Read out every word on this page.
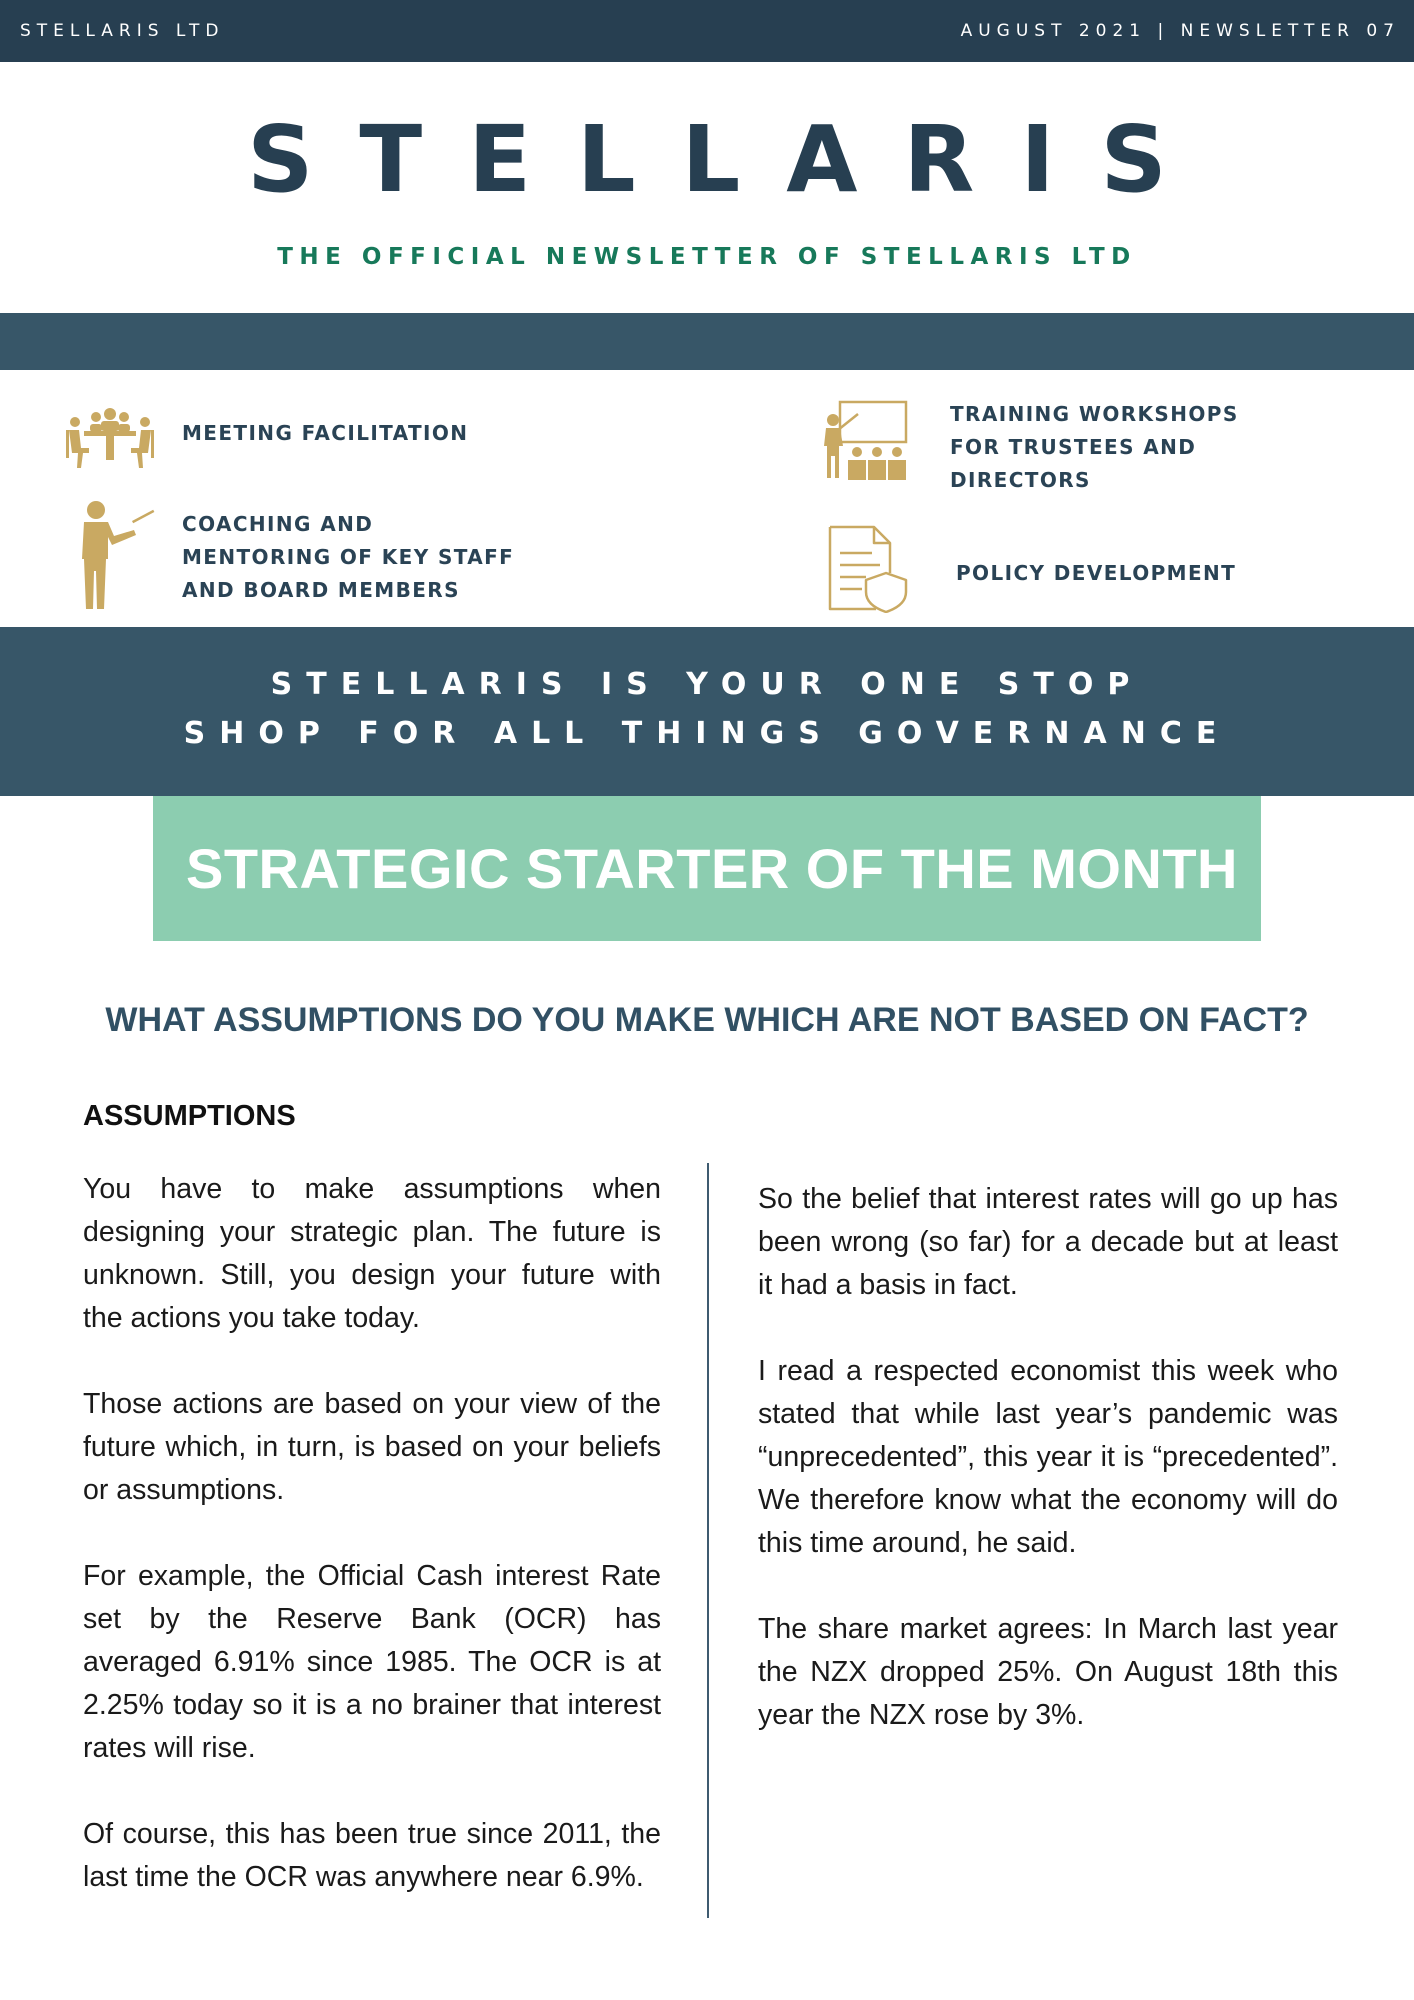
STELLARIS LTD	AUGUST 2021 | NEWSLETTER 07
STELLARIS
THE OFFICIAL NEWSLETTER OF STELLARIS LTD
MEETING FACILITATION
TRAINING WORKSHOPS
FOR TRUSTEES AND
DIRECTORS
COACHING AND
MENTORING OF KEY STAFF
AND BOARD MEMBERS
POLICY DEVELOPMENT
STELLARIS IS YOUR ONE STOP
SHOP FOR ALL THINGS GOVERNANCE
STRATEGIC STARTER OF THE MONTH
WHAT ASSUMPTIONS DO YOU MAKE WHICH ARE NOT BASED ON FACT?
ASSUMPTIONS

You have to make assumptions when designing your strategic plan. The future is unknown. Still, you design your future with the actions you take today.

Those actions are based on your view of the future which, in turn, is based on your beliefs or assumptions.

For example, the Official Cash interest Rate set by the Reserve Bank (OCR) has averaged 6.91% since 1985. The OCR is at 2.25% today so it is a no brainer that interest rates will rise.

Of course, this has been true since 2011, the last time the OCR was anywhere near 6.9%.

So the belief that interest rates will go up has been wrong (so far) for a decade but at least it had a basis in fact.

I read a respected economist this week who stated that while last year’s pandemic was “unprecedented”, this year it is “precedented”. We therefore know what the economy will do this time around, he said.

The share market agrees: In March last year the NZX dropped 25%. On August 18th this year the NZX rose by 3%.
